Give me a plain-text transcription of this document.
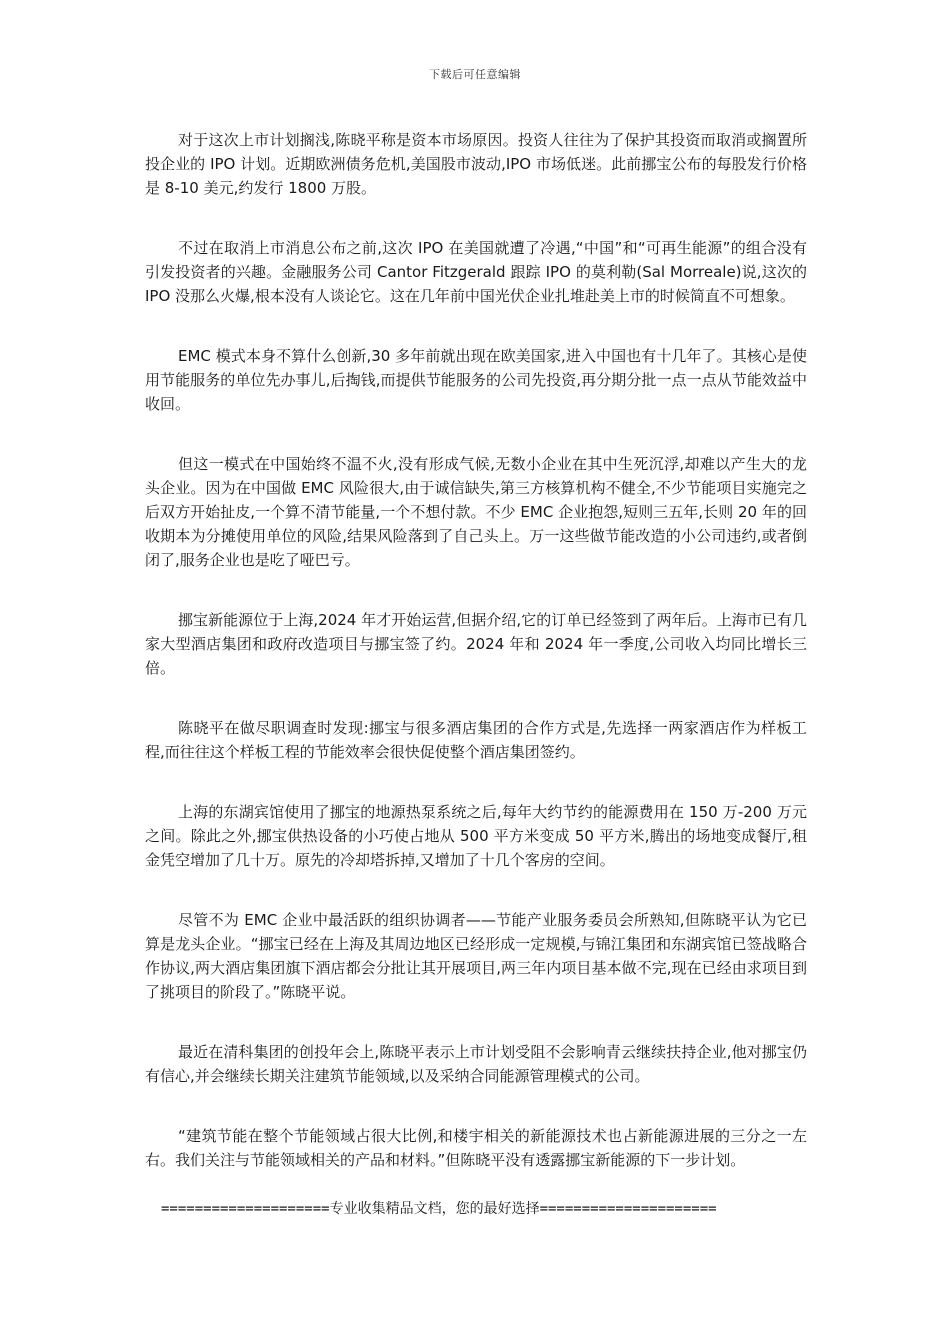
下载后可任意编辑

对于这次上市计划搁浅,陈晓平称是资本市场原因。投资人往往为了保护其投资而取消或搁置所投企业的 IPO 计划。近期欧洲债务危机,美国股市波动,IPO 市场低迷。此前挪宝公布的每股发行价格是 8-10 美元,约发行 1800 万股。

不过在取消上市消息公布之前,这次 IPO 在美国就遭了冷遇,“中国”和“可再生能源”的组合没有引发投资者的兴趣。金融服务公司 Cantor Fitzgerald 跟踪 IPO 的莫利勒(Sal Morreale)说,这次的 IPO 没那么火爆,根本没有人谈论它。这在几年前中国光伏企业扎堆赴美上市的时候简直不可想象。

EMC 模式本身不算什么创新,30 多年前就出现在欧美国家,进入中国也有十几年了。其核心是使用节能服务的单位先办事儿,后掏钱,而提供节能服务的公司先投资,再分期分批一点一点从节能效益中收回。

但这一模式在中国始终不温不火,没有形成气候,无数小企业在其中生死沉浮,却难以产生大的龙头企业。因为在中国做 EMC 风险很大,由于诚信缺失,第三方核算机构不健全,不少节能项目实施完之后双方开始扯皮,一个算不清节能量,一个不想付款。不少 EMC 企业抱怨,短则三五年,长则 20 年的回收期本为分摊使用单位的风险,结果风险落到了自己头上。万一这些做节能改造的小公司违约,或者倒闭了,服务企业也是吃了哑巴亏。

挪宝新能源位于上海,2024 年才开始运营,但据介绍,它的订单已经签到了两年后。上海市已有几家大型酒店集团和政府改造项目与挪宝签了约。2024 年和 2024 年一季度,公司收入均同比增长三倍。

陈晓平在做尽职调查时发现:挪宝与很多酒店集团的合作方式是,先选择一两家酒店作为样板工程,而往往这个样板工程的节能效率会很快促使整个酒店集团签约。

上海的东湖宾馆使用了挪宝的地源热泵系统之后,每年大约节约的能源费用在 150 万-200 万元之间。除此之外,挪宝供热设备的小巧使占地从 500 平方米变成 50 平方米,腾出的场地变成餐厅,租金凭空增加了几十万。原先的冷却塔拆掉,又增加了十几个客房的空间。

尽管不为 EMC 企业中最活跃的组织协调者——节能产业服务委员会所熟知,但陈晓平认为它已算是龙头企业。“挪宝已经在上海及其周边地区已经形成一定规模,与锦江集团和东湖宾馆已签战略合作协议,两大酒店集团旗下酒店都会分批让其开展项目,两三年内项目基本做不完,现在已经由求项目到了挑项目的阶段了。”陈晓平说。

最近在清科集团的创投年会上,陈晓平表示上市计划受阻不会影响青云继续扶持企业,他对挪宝仍有信心,并会继续长期关注建筑节能领域,以及采纳合同能源管理模式的公司。

“建筑节能在整个节能领域占很大比例,和楼宇相关的新能源技术也占新能源进展的三分之一左右。我们关注与节能领域相关的产品和材料。”但陈晓平没有透露挪宝新能源的下一步计划。

====================专业收集精品文档，您的最好选择=====================
